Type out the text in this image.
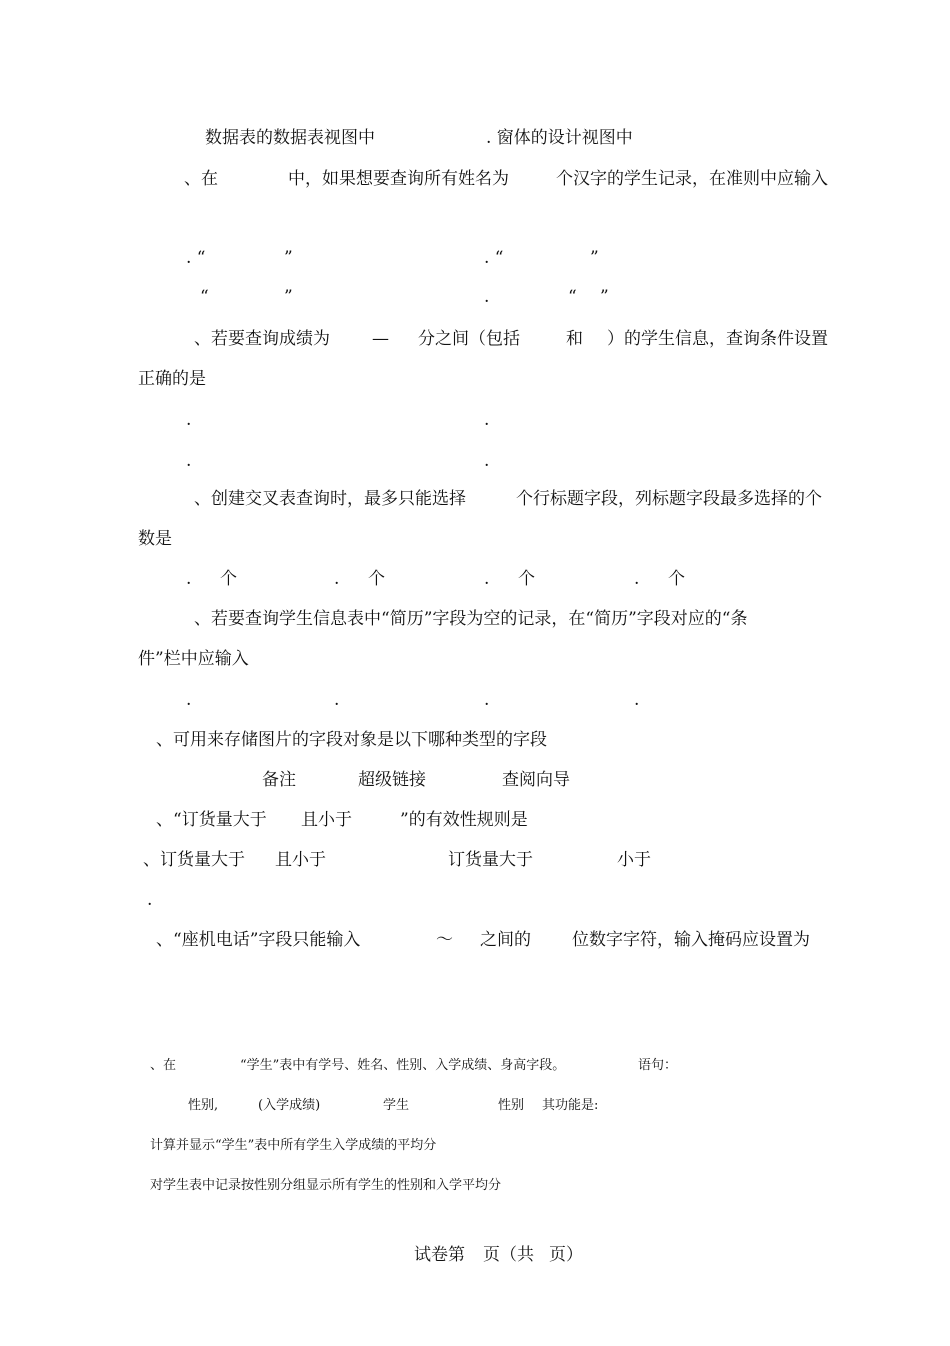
数据表的数据表视图中	. 窗体的设计视图中
、在	中，如果想要查询所有姓名为	个汉字的学生记录，在准则中应输入
. “	”	. “	”
“	”	.	“ ”
、若要查询成绩为 — 分之间（包括	和 ）的学生信息，查询条件设置
正确的是
.	.
.	.
、创建交叉表查询时，最多只能选择	个行标题字段，列标题字段最多选择的个
数是
. 个	. 个	. 个	. 个
、若要查询学生信息表中“简历”字段为空的记录，在“简历”字段对应的“条
件”栏中应输入
.	.	.	.
、可用来存储图片的字段对象是以下哪种类型的字段
备注	超级链接	查阅向导
、“订货量大于 且小于	”的有效性规则是
、订货量大于 且小于	订货量大于	小于
.
、“座机电话”字段只能输入	～ 之间的 位数字字符，输入掩码应设置为
、在	“学生”表中有学号、姓名、性别、入学成绩、身高字段。	语句：
性别,	(入学成绩)	学生	性别 其功能是:
计算并显示“学生”表中所有学生入学成绩的平均分
对学生表中记录按性别分组显示所有学生的性别和入学平均分
试卷第 页（共 页）
